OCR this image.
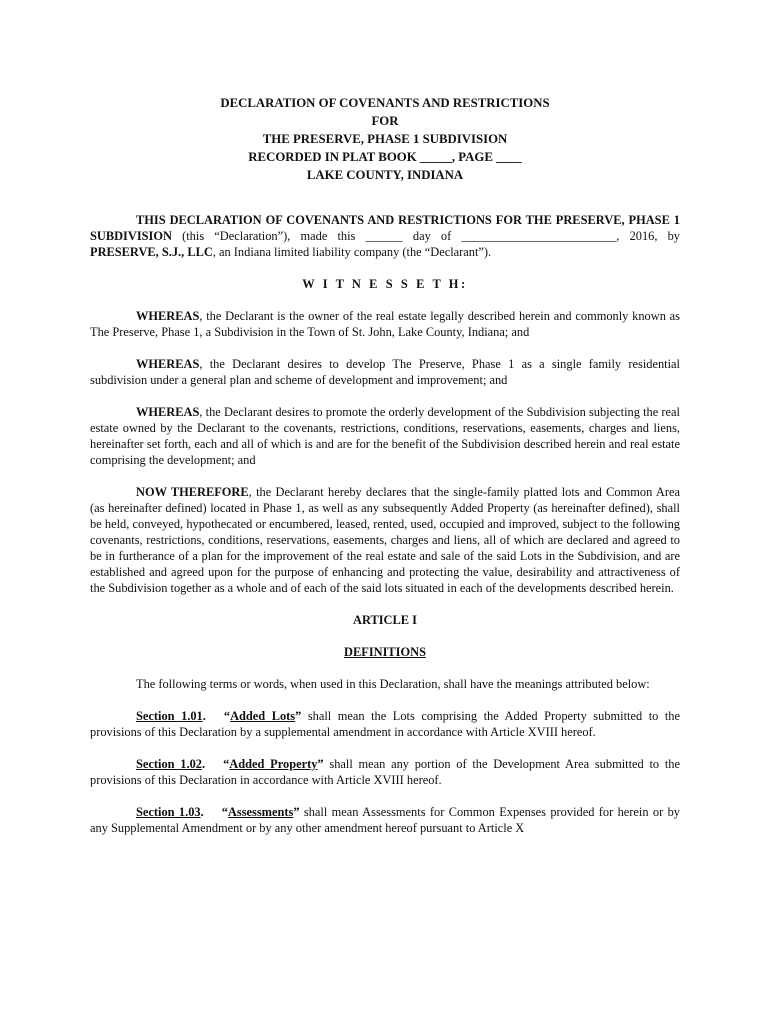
DECLARATION OF COVENANTS AND RESTRICTIONS
FOR
THE PRESERVE, PHASE 1 SUBDIVISION
RECORDED IN PLAT BOOK _____, PAGE ____
LAKE COUNTY, INDIANA

THIS DECLARATION OF COVENANTS AND RESTRICTIONS FOR THE PRESERVE, PHASE 1 SUBDIVISION (this “Declaration”), made this ______ day of _________________________, 2016, by PRESERVE, S.J., LLC, an Indiana limited liability company (the “Declarant”).

W I T N E S S E T H:

WHEREAS, the Declarant is the owner of the real estate legally described herein and commonly known as The Preserve, Phase 1, a Subdivision in the Town of St. John, Lake County, Indiana; and

WHEREAS, the Declarant desires to develop The Preserve, Phase 1 as a single family residential subdivision under a general plan and scheme of development and improvement; and

WHEREAS, the Declarant desires to promote the orderly development of the Subdivision subjecting the real estate owned by the Declarant to the covenants, restrictions, conditions, reservations, easements, charges and liens, hereinafter set forth, each and all of which is and are for the benefit of the Subdivision described herein and real estate comprising the development; and

NOW THEREFORE, the Declarant hereby declares that the single-family platted lots and Common Area (as hereinafter defined) located in Phase 1, as well as any subsequently Added Property (as hereinafter defined), shall be held, conveyed, hypothecated or encumbered, leased, rented, used, occupied and improved, subject to the following covenants, restrictions, conditions, reservations, easements, charges and liens, all of which are declared and agreed to be in furtherance of a plan for the improvement of the real estate and sale of the said Lots in the Subdivision, and are established and agreed upon for the purpose of enhancing and protecting the value, desirability and attractiveness of the Subdivision together as a whole and of each of the said lots situated in each of the developments described herein.

ARTICLE I

DEFINITIONS

The following terms or words, when used in this Declaration, shall have the meanings attributed below:

Section 1.01. “Added Lots” shall mean the Lots comprising the Added Property submitted to the provisions of this Declaration by a supplemental amendment in accordance with Article XVIII hereof.

Section 1.02. “Added Property” shall mean any portion of the Development Area submitted to the provisions of this Declaration in accordance with Article XVIII hereof.

Section 1.03. “Assessments” shall mean Assessments for Common Expenses provided for herein or by any Supplemental Amendment or by any other amendment hereof pursuant to Article X
